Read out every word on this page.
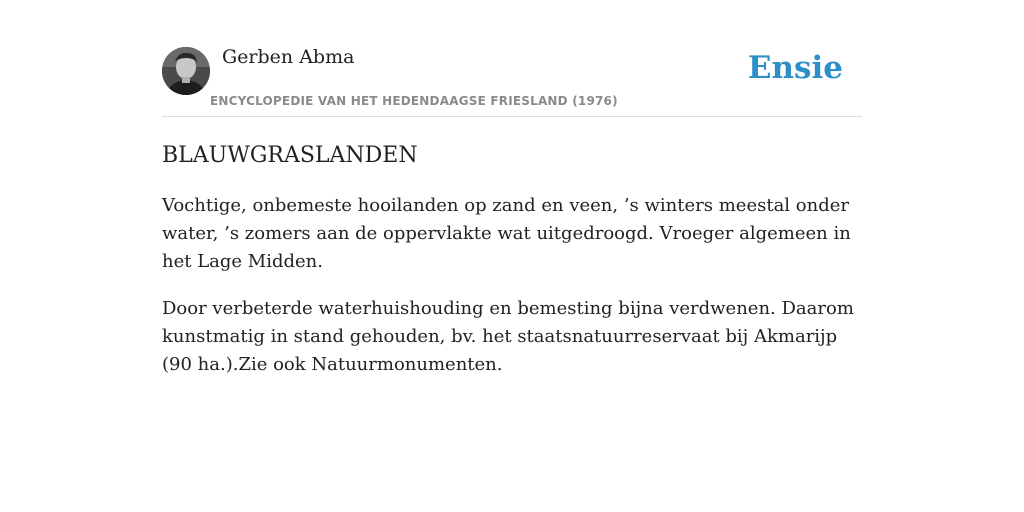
Gerben Abma
ENCYCLOPEDIE VAN HET HEDENDAAGSE FRIESLAND (1976)
Ensie
BLAUWGRASLANDEN

Vochtige, onbemeste hooilanden op zand en veen, ’s winters meestal onder water, ’s zomers aan de oppervlakte wat uitgedroogd. Vroeger algemeen in het Lage Midden.

Door verbeterde waterhuishouding en bemesting bijna verdwenen. Daarom kunstmatig in stand gehouden, bv. het staatsnatuurreservaat bij Akmarijp (90 ha.).Zie ook Natuurmonumenten.
